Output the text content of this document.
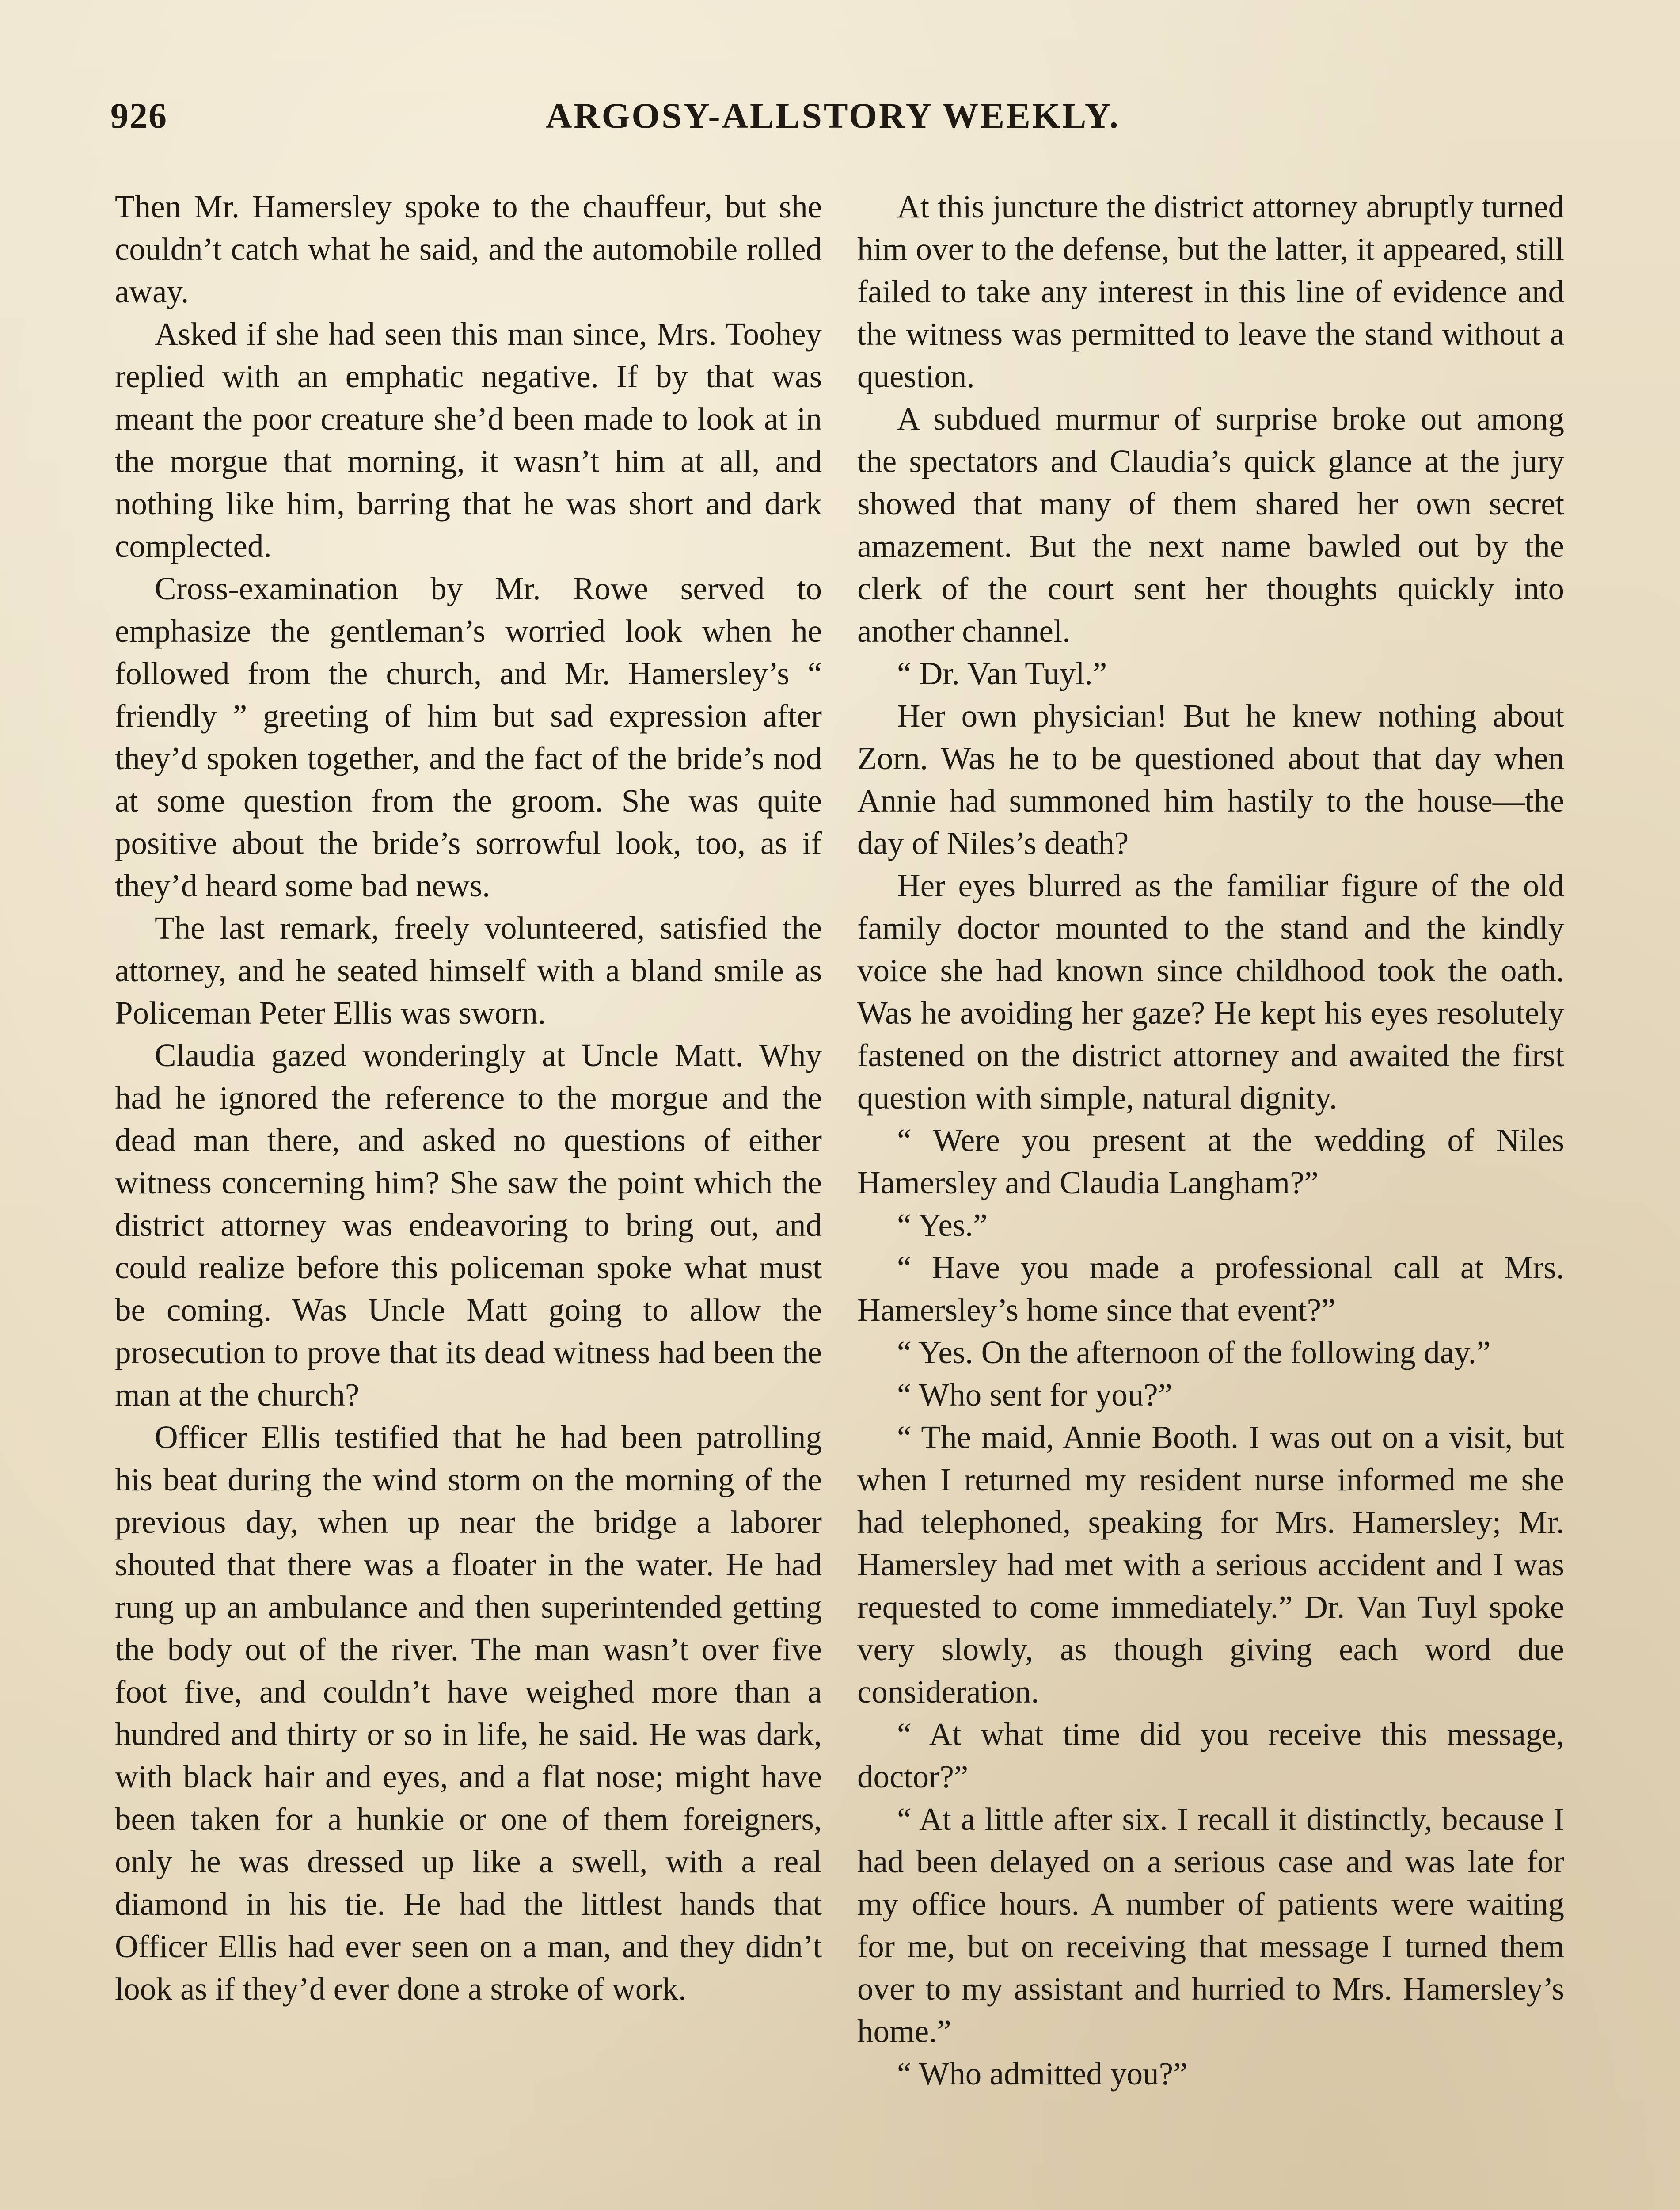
ARGOSY-ALLSTORY WEEKLY.
926

Then Mr. Hamersley spoke to the chauffeur, but she couldn’t catch what he said, and the automobile rolled away.

Asked if she had seen this man since, Mrs. Toohey replied with an emphatic negative. If by that was meant the poor creature she’d been made to look at in the morgue that morning, it wasn’t him at all, and nothing like him, barring that he was short and dark complected.

Cross-examination by Mr. Rowe served to emphasize the gentleman’s worried look when he followed from the church, and Mr. Hamersley’s “ friendly ” greeting of him but sad expression after they’d spoken together, and the fact of the bride’s nod at some question from the groom. She was quite positive about the bride’s sorrowful look, too, as if they’d heard some bad news.

The last remark, freely volunteered, satisfied the attorney, and he seated himself with a bland smile as Policeman Peter Ellis was sworn.

Claudia gazed wonderingly at Uncle Matt. Why had he ignored the reference to the morgue and the dead man there, and asked no questions of either witness concerning him? She saw the point which the district attorney was endeavoring to bring out, and could realize before this policeman spoke what must be coming. Was Uncle Matt going to allow the prosecution to prove that its dead witness had been the man at the church?

Officer Ellis testified that he had been patrolling his beat during the wind storm on the morning of the previous day, when up near the bridge a laborer shouted that there was a floater in the water. He had rung up an ambulance and then superintended getting the body out of the river. The man wasn’t over five foot five, and couldn’t have weighed more than a hundred and thirty or so in life, he said. He was dark, with black hair and eyes, and a flat nose; might have been taken for a hunkie or one of them foreigners, only he was dressed up like a swell, with a real diamond in his tie. He had the littlest hands that Officer Ellis had ever seen on a man, and they didn’t look as if they’d ever done a stroke of work.

At this juncture the district attorney abruptly turned him over to the defense, but the latter, it appeared, still failed to take any interest in this line of evidence and the witness was permitted to leave the stand without a question.

A subdued murmur of surprise broke out among the spectators and Claudia’s quick glance at the jury showed that many of them shared her own secret amazement. But the next name bawled out by the clerk of the court sent her thoughts quickly into another channel.

“ Dr. Van Tuyl.”

Her own physician! But he knew nothing about Zorn. Was he to be questioned about that day when Annie had summoned him hastily to the house—the day of Niles’s death?

Her eyes blurred as the familiar figure of the old family doctor mounted to the stand and the kindly voice she had known since childhood took the oath. Was he avoiding her gaze? He kept his eyes resolutely fastened on the district attorney and awaited the first question with simple, natural dignity.

“ Were you present at the wedding of Niles Hamersley and Claudia Langham?”

“ Yes.”

“ Have you made a professional call at Mrs. Hamersley’s home since that event?”

“ Yes. On the afternoon of the following day.”

“ Who sent for you?”

“ The maid, Annie Booth. I was out on a visit, but when I returned my resident nurse informed me she had telephoned, speaking for Mrs. Hamersley; Mr. Hamersley had met with a serious accident and I was requested to come immediately.” Dr. Van Tuyl spoke very slowly, as though giving each word due consideration.

“ At what time did you receive this message, doctor?”

“ At a little after six. I recall it distinctly, because I had been delayed on a serious case and was late for my office hours. A number of patients were waiting for me, but on receiving that message I turned them over to my assistant and hurried to Mrs. Hamersley’s home.”

“ Who admitted you?”
